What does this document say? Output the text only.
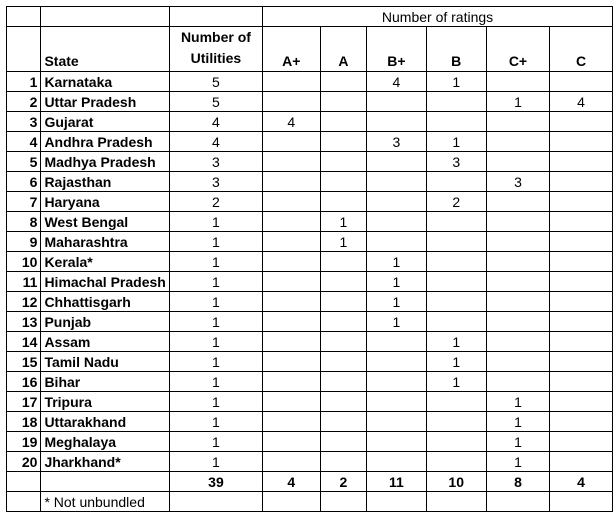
			Number of ratings					
	State	Number of
Utilities	A+	A	B+	B	C+	C
1	Karnataka	5			4	1		
2	Uttar Pradesh	5					1	4
3	Gujarat	4	4					
4	Andhra Pradesh	4			3	1		
5	Madhya Pradesh	3				3		
6	Rajasthan	3					3	
7	Haryana	2				2		
8	West Bengal	1		1				
9	Maharashtra	1		1				
10	Kerala*	1			1			
11	Himachal Pradesh	1			1			
12	Chhattisgarh	1			1			
13	Punjab	1			1			
14	Assam	1				1		
15	Tamil Nadu	1				1		
16	Bihar	1				1		
17	Tripura	1					1	
18	Uttarakhand	1					1	
19	Meghalaya	1					1	
20	Jharkhand*	1					1	
		39	4	2	11	10	8	4
	* Not unbundled							
